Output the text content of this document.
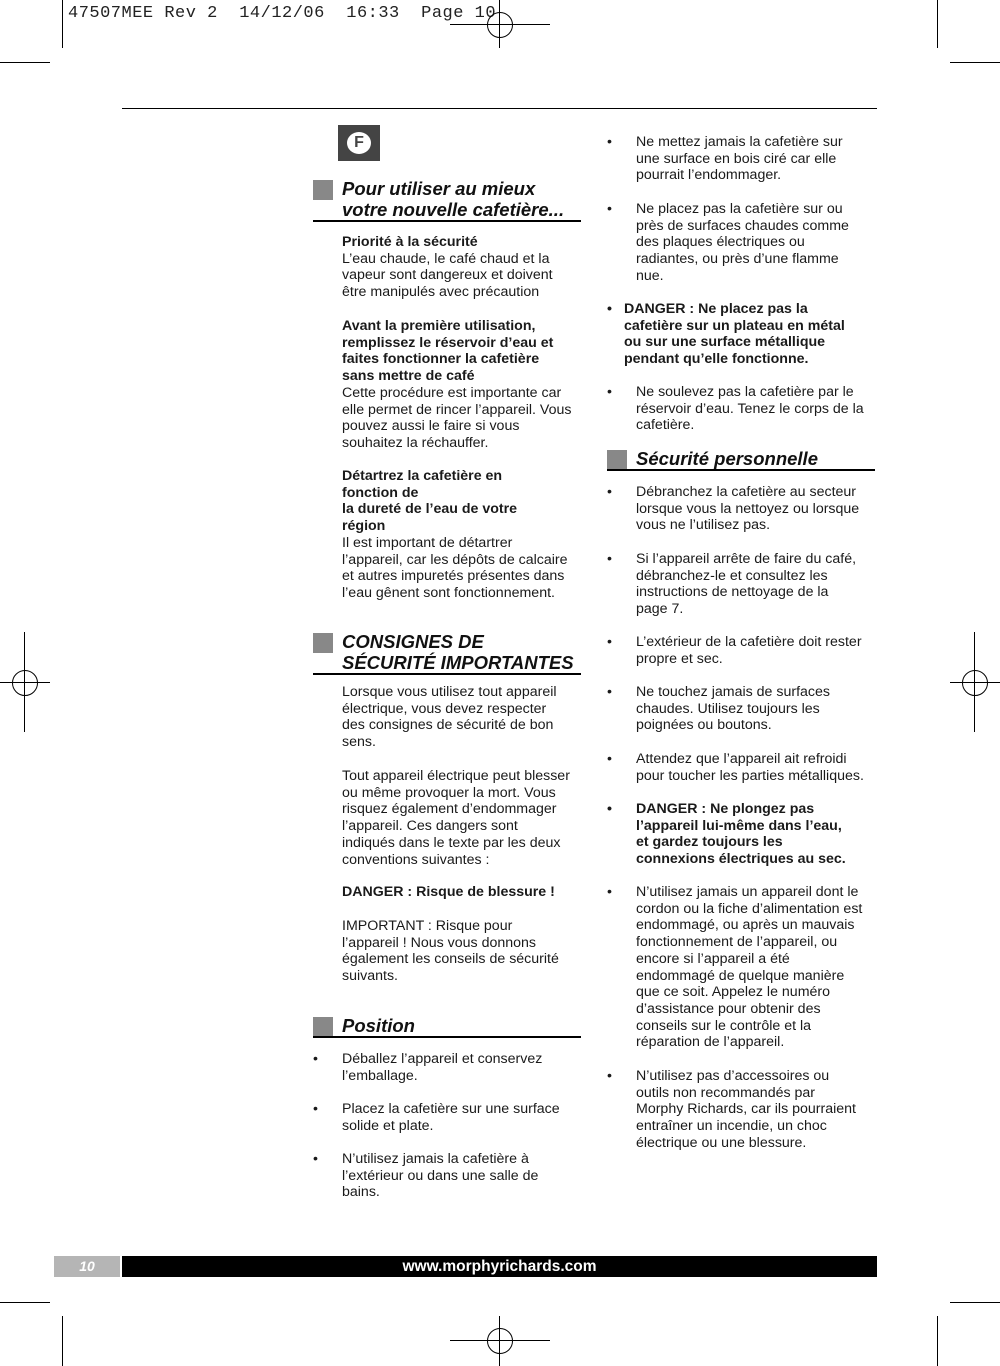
47507MEE Rev 2  14/12/06  16:33  Page 10
F
Pour utiliser au mieux
votre nouvelle cafetière...
Priorité à la sécurité
L’eau chaude, le café chaud et la
vapeur sont dangereux et doivent
être manipulés avec précaution
Avant la première utilisation,
remplissez le réservoir d’eau et
faites fonctionner la cafetière
sans mettre de café
Cette procédure est importante car
elle permet de rincer l’appareil. Vous
pouvez aussi le faire si vous
souhaitez la réchauffer.
Détartrez la cafetière en
fonction de
la dureté de l’eau de votre
région
Il est important de détartrer
l’appareil, car les dépôts de calcaire
et autres impuretés présentes dans
l’eau gênent sont fonctionnement.
CONSIGNES DE
SÉCURITÉ IMPORTANTES
Lorsque vous utilisez tout appareil
électrique, vous devez respecter
des consignes de sécurité de bon
sens.
Tout appareil électrique peut blesser
ou même provoquer la mort. Vous
risquez également d’endommager
l’appareil. Ces dangers sont
indiqués dans le texte par les deux
conventions suivantes :
DANGER : Risque de blessure !
IMPORTANT : Risque pour
l’appareil ! Nous vous donnons
également les conseils de sécurité
suivants.
Position
• Déballez l’appareil et conservez
l’emballage.
• Placez la cafetière sur une surface
solide et plate.
• N’utilisez jamais la cafetière à
l’extérieur ou dans une salle de
bains.
• Ne mettez jamais la cafetière sur
une surface en bois ciré car elle
pourrait l’endommager.
• Ne placez pas la cafetière sur ou
près de surfaces chaudes comme
des plaques électriques ou
radiantes, ou près d’une flamme
nue.
• DANGER : Ne placez pas la
cafetière sur un plateau en métal
ou sur une surface métallique
pendant qu’elle fonctionne.
• Ne soulevez pas la cafetière par le
réservoir d’eau. Tenez le corps de la
cafetière.
Sécurité personnelle
• Débranchez la cafetière au secteur
lorsque vous la nettoyez ou lorsque
vous ne l’utilisez pas.
• Si l’appareil arrête de faire du café,
débranchez-le et consultez les
instructions de nettoyage de la
page 7.
• L’extérieur de la cafetière doit rester
propre et sec.
• Ne touchez jamais de surfaces
chaudes. Utilisez toujours les
poignées ou boutons.
• Attendez que l’appareil ait refroidi
pour toucher les parties métalliques.
• DANGER : Ne plongez pas
l’appareil lui-même dans l’eau,
et gardez toujours les
connexions électriques au sec.
• N’utilisez jamais un appareil dont le
cordon ou la fiche d’alimentation est
endommagé, ou après un mauvais
fonctionnement de l’appareil, ou
encore si l’appareil a été
endommagé de quelque manière
que ce soit. Appelez le numéro
d’assistance pour obtenir des
conseils sur le contrôle et la
réparation de l’appareil.
• N’utilisez pas d’accessoires ou
outils non recommandés par
Morphy Richards, car ils pourraient
entraîner un incendie, un choc
électrique ou une blessure.
10	www.morphyrichards.com
